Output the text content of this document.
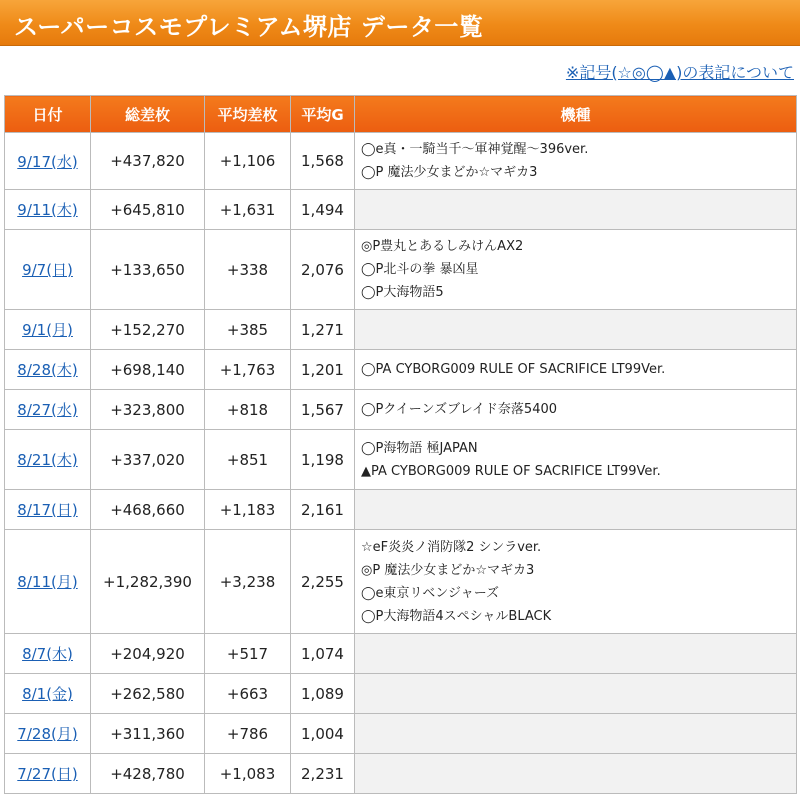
スーパーコスモプレミアム堺店 データ一覧
※記号(☆◎◯▲)の表記について
日付	総差枚	平均差枚	平均G	機種
9/17(水)	+437,820	+1,106	1,568	◯e真・一騎当千〜軍神覚醒〜396ver.
◯P 魔法少女まどか☆マギカ3

9/11(木)	+645,810	+1,631	1,494	
9/7(日)	+133,650	+338	2,076	◎P豊丸とあるしみけんAX2
◯P北斗の拳 暴凶星
◯P大海物語5

9/1(月)	+152,270	+385	1,271	
8/28(木)	+698,140	+1,763	1,201	◯PA CYBORG009 RULE OF SACRIFICE LT99Ver.

8/27(水)	+323,800	+818	1,567	◯Pクイーンズブレイド奈落5400

8/21(木)	+337,020	+851	1,198	◯P海物語 極JAPAN
▲PA CYBORG009 RULE OF SACRIFICE LT99Ver.

8/17(日)	+468,660	+1,183	2,161	
8/11(月)	+1,282,390	+3,238	2,255	☆eF炎炎ノ消防隊2 シンラver.
◎P 魔法少女まどか☆マギカ3
◯e東京リベンジャーズ
◯P大海物語4スペシャルBLACK

8/7(木)	+204,920	+517	1,074	
8/1(金)	+262,580	+663	1,089	
7/28(月)	+311,360	+786	1,004	
7/27(日)	+428,780	+1,083	2,231	
